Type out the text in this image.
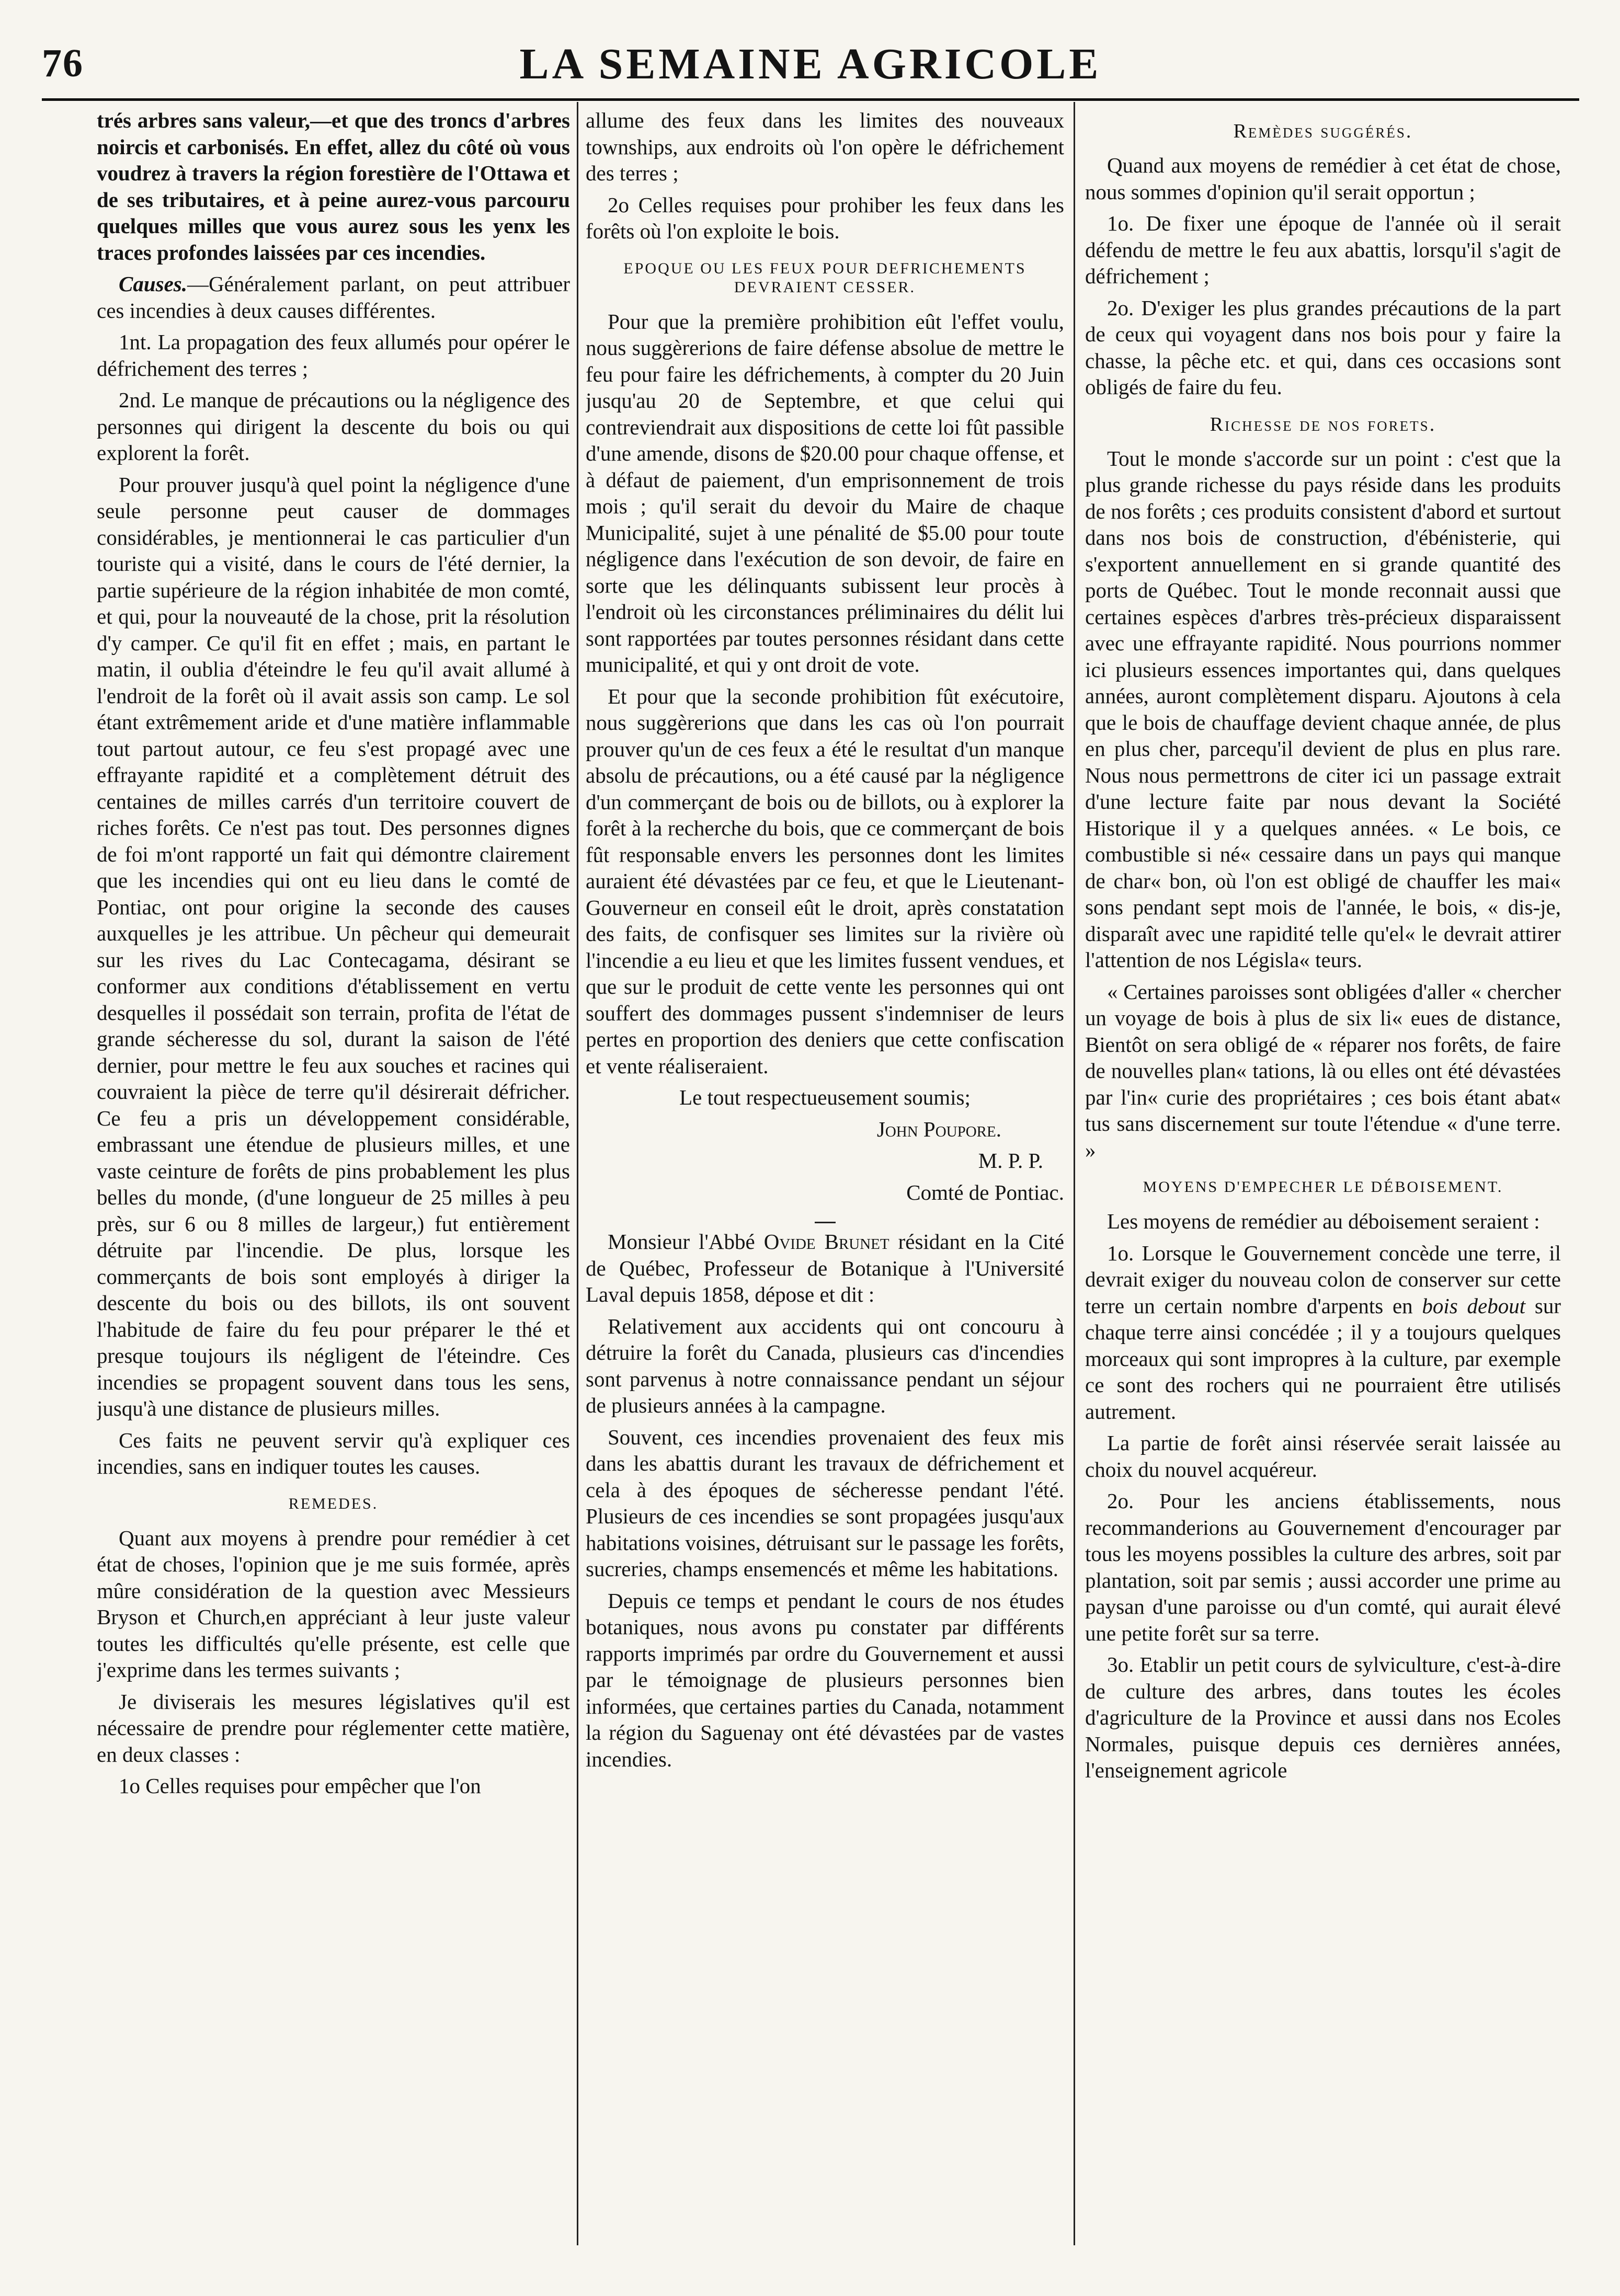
76	LA SEMAINE AGRICOLE

trés arbres sans valeur,—et que des troncs d'arbres noircis et carbonisés. En effet, allez du côté où vous voudrez à travers la région forestière de l'Ottawa et de ses tributaires, et à peine aurez-vous parcouru quelques milles que vous aurez sous les yenx les traces profondes laissées par ces incendies.

Causes.—Généralement parlant, on peut attribuer ces incendies à deux causes différentes.

1nt. La propagation des feux allumés pour opérer le défrichement des terres ;

2nd. Le manque de précautions ou la négligence des personnes qui dirigent la descente du bois ou qui explorent la forêt.

Pour prouver jusqu'à quel point la négligence d'une seule personne peut causer de dommages considérables, je mentionnerai le cas particulier d'un touriste qui a visité, dans le cours de l'été dernier, la partie supérieure de la région inhabitée de mon comté, et qui, pour la nouveauté de la chose, prit la résolution d'y camper. Ce qu'il fit en effet ; mais, en partant le matin, il oublia d'éteindre le feu qu'il avait allumé à l'endroit de la forêt où il avait assis son camp. Le sol étant extrêmement aride et d'une matière inflammable tout partout autour, ce feu s'est propagé avec une effrayante rapidité et a complètement détruit des centaines de milles carrés d'un territoire couvert de riches forêts. Ce n'est pas tout. Des personnes dignes de foi m'ont rapporté un fait qui démontre clairement que les incendies qui ont eu lieu dans le comté de Pontiac, ont pour origine la seconde des causes auxquelles je les attribue. Un pêcheur qui demeurait sur les rives du Lac Contecagama, désirant se conformer aux conditions d'établissement en vertu desquelles il possédait son terrain, profita de l'état de grande sécheresse du sol, durant la saison de l'été dernier, pour mettre le feu aux souches et racines qui couvraient la pièce de terre qu'il désirerait défricher. Ce feu a pris un développement considérable, embrassant une étendue de plusieurs milles, et une vaste ceinture de forêts de pins probablement les plus belles du monde, (d'une longueur de 25 milles à peu près, sur 6 ou 8 milles de largeur,) fut entièrement détruite par l'incendie. De plus, lorsque les commerçants de bois sont employés à diriger la descente du bois ou des billots, ils ont souvent l'habitude de faire du feu pour préparer le thé et presque toujours ils négligent de l'éteindre. Ces incendies se propagent souvent dans tous les sens, jusqu'à une distance de plusieurs milles.

Ces faits ne peuvent servir qu'à expliquer ces incendies, sans en indiquer toutes les causes.

REMEDES.

Quant aux moyens à prendre pour remédier à cet état de choses, l'opinion que je me suis formée, après mûre considération de la question avec Messieurs Bryson et Church,en appréciant à leur juste valeur toutes les difficultés qu'elle présente, est celle que j'exprime dans les termes suivants ;

Je diviserais les mesures législatives qu'il est nécessaire de prendre pour réglementer cette matière, en deux classes :

1o Celles requises pour empêcher que l'on

allume des feux dans les limites des nouveaux townships, aux endroits où l'on opère le défrichement des terres ;

2o Celles requises pour prohiber les feux dans les forêts où l'on exploite le bois.

EPOQUE OU LES FEUX POUR DEFRICHEMENTS DEVRAIENT CESSER.

Pour que la première prohibition eût l'effet voulu, nous suggèrerions de faire défense absolue de mettre le feu pour faire les défrichements, à compter du 20 Juin jusqu'au 20 de Septembre, et que celui qui contreviendrait aux dispositions de cette loi fût passible d'une amende, disons de $20.00 pour chaque offense, et à défaut de paiement, d'un emprisonnement de trois mois ; qu'il serait du devoir du Maire de chaque Municipalité, sujet à une pénalité de $5.00 pour toute négligence dans l'exécution de son devoir, de faire en sorte que les délinquants subissent leur procès à l'endroit où les circonstances préliminaires du délit lui sont rapportées par toutes personnes résidant dans cette municipalité, et qui y ont droit de vote.

Et pour que la seconde prohibition fût exécutoire, nous suggèrerions que dans les cas où l'on pourrait prouver qu'un de ces feux a été le resultat d'un manque absolu de précautions, ou a été causé par la négligence d'un commerçant de bois ou de billots, ou à explorer la forêt à la recherche du bois, que ce commerçant de bois fût responsable envers les personnes dont les limites auraient été dévastées par ce feu, et que le Lieutenant-Gouverneur en conseil eût le droit, après constatation des faits, de confisquer ses limites sur la rivière où l'incendie a eu lieu et que les limites fussent vendues, et que sur le produit de cette vente les personnes qui ont souffert des dommages pussent s'indemniser de leurs pertes en proportion des deniers que cette confiscation et vente réaliseraient.

Le tout respectueusement soumis;

John Poupore.

M. P. P.

Comté de Pontiac.

Monsieur l'Abbé Ovide Brunet résidant en la Cité de Québec, Professeur de Botanique à l'Université Laval depuis 1858, dépose et dit :

Relativement aux accidents qui ont concouru à détruire la forêt du Canada, plusieurs cas d'incendies sont parvenus à notre connaissance pendant un séjour de plusieurs années à la campagne.

Souvent, ces incendies provenaient des feux mis dans les abattis durant les travaux de défrichement et cela à des époques de sécheresse pendant l'été. Plusieurs de ces incendies se sont propagées jusqu'aux habitations voisines, détruisant sur le passage les forêts, sucreries, champs ensemencés et même les habitations.

Depuis ce temps et pendant le cours de nos études botaniques, nous avons pu constater par différents rapports imprimés par ordre du Gouvernement et aussi par le témoignage de plusieurs personnes bien informées, que certaines parties du Canada, notamment la région du Saguenay ont été dévastées par de vastes incendies.

Remèdes suggérés.

Quand aux moyens de remédier à cet état de chose, nous sommes d'opinion qu'il serait opportun ;

1o. De fixer une époque de l'année où il serait défendu de mettre le feu aux abattis, lorsqu'il s'agit de défrichement ;

2o. D'exiger les plus grandes précautions de la part de ceux qui voyagent dans nos bois pour y faire la chasse, la pêche etc. et qui, dans ces occasions sont obligés de faire du feu.

Richesse de nos forets.

Tout le monde s'accorde sur un point : c'est que la plus grande richesse du pays réside dans les produits de nos forêts ; ces produits consistent d'abord et surtout dans nos bois de construction, d'ébénisterie, qui s'exportent annuellement en si grande quantité des ports de Québec. Tout le monde reconnait aussi que certaines espèces d'arbres très-précieux disparaissent avec une effrayante rapidité. Nous pourrions nommer ici plusieurs essences importantes qui, dans quelques années, auront complètement disparu. Ajoutons à cela que le bois de chauffage devient chaque année, de plus en plus cher, parcequ'il devient de plus en plus rare. Nous nous permettrons de citer ici un passage extrait d'une lecture faite par nous devant la Société Historique il y a quelques années. « Le bois, ce combustible si né« cessaire dans un pays qui manque de char« bon, où l'on est obligé de chauffer les mai« sons pendant sept mois de l'année, le bois, « dis-je, disparaît avec une rapidité telle qu'el« le devrait attirer l'attention de nos Législa« teurs.

« Certaines paroisses sont obligées d'aller « chercher un voyage de bois à plus de six li« eues de distance, Bientôt on sera obligé de « réparer nos forêts, de faire de nouvelles plan« tations, là ou elles ont été dévastées par l'in« curie des propriétaires ; ces bois étant abat« tus sans discernement sur toute l'étendue « d'une terre. »

MOYENS D'EMPECHER LE DÉBOISEMENT.

Les moyens de remédier au déboisement seraient :

1o. Lorsque le Gouvernement concède une terre, il devrait exiger du nouveau colon de conserver sur cette terre un certain nombre d'arpents en bois debout sur chaque terre ainsi concédée ; il y a toujours quelques morceaux qui sont impropres à la culture, par exemple ce sont des rochers qui ne pourraient être utilisés autrement.

La partie de forêt ainsi réservée serait laissée au choix du nouvel acquéreur.

2o. Pour les anciens établissements, nous recommanderions au Gouvernement d'encourager par tous les moyens possibles la culture des arbres, soit par plantation, soit par semis ; aussi accorder une prime au paysan d'une paroisse ou d'un comté, qui aurait élevé une petite forêt sur sa terre.

3o. Etablir un petit cours de sylviculture, c'est-à-dire de culture des arbres, dans toutes les écoles d'agriculture de la Province et aussi dans nos Ecoles Normales, puisque depuis ces dernières années, l'enseignement agricole
